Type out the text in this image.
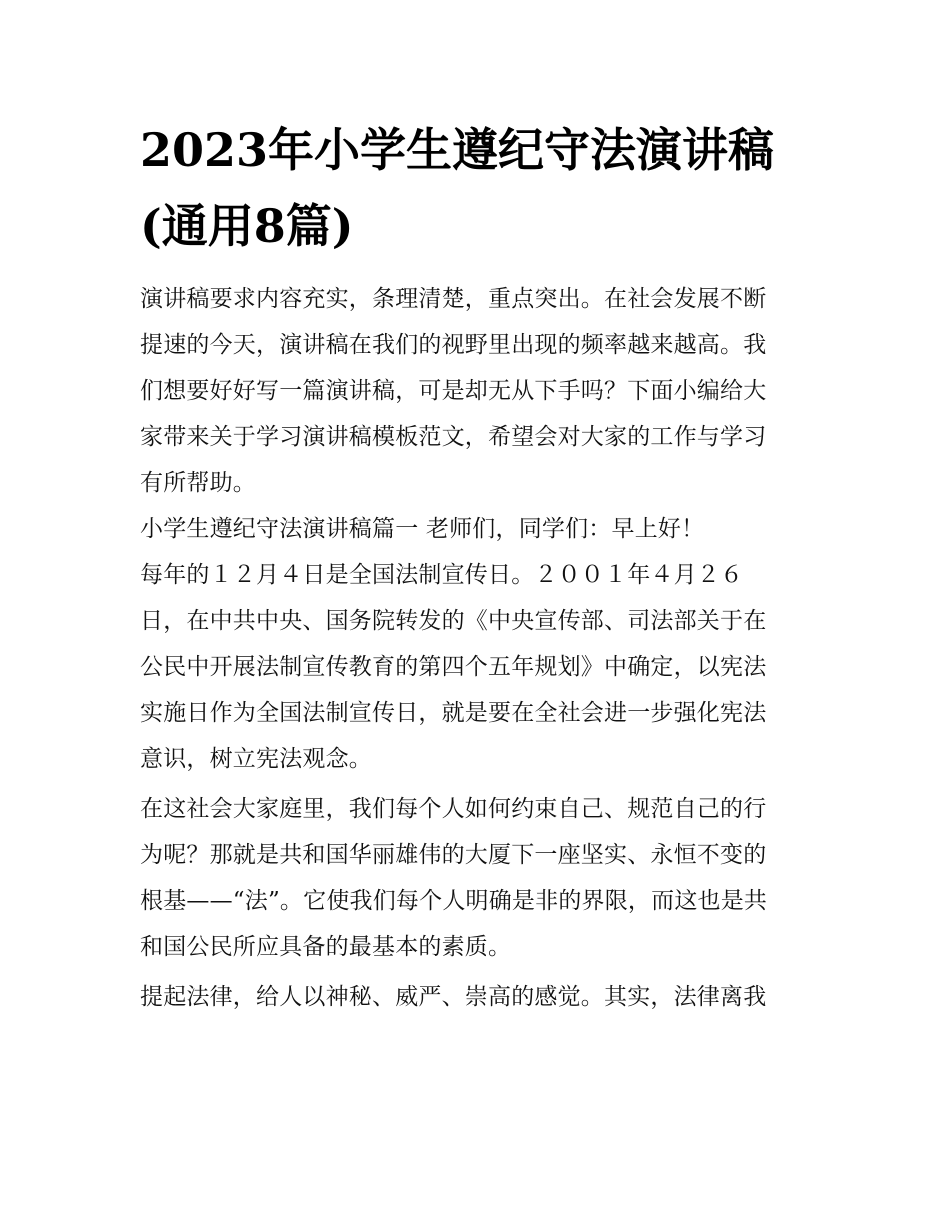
2023年小学生遵纪守法演讲稿
(通用8篇)

演讲稿要求内容充实，条理清楚，重点突出。在社会发展不断
提速的今天，演讲稿在我们的视野里出现的频率越来越高。我
们想要好好写一篇演讲稿，可是却无从下手吗？下面小编给大
家带来关于学习演讲稿模板范文，希望会对大家的工作与学习
有所帮助。

小学生遵纪守法演讲稿篇一 老师们，同学们：早上好！

每年的１２月４日是全国法制宣传日。２００１年４月２６
日，在中共中央、国务院转发的《中央宣传部、司法部关于在
公民中开展法制宣传教育的第四个五年规划》中确定，以宪法
实施日作为全国法制宣传日，就是要在全社会进一步强化宪法
意识，树立宪法观念。

在这社会大家庭里，我们每个人如何约束自己、规范自己的行
为呢？那就是共和国华丽雄伟的大厦下一座坚实、永恒不变的
根基——“法”。它使我们每个人明确是非的界限，而这也是共
和国公民所应具备的最基本的素质。

提起法律，给人以神秘、威严、崇高的感觉。其实，法律离我
